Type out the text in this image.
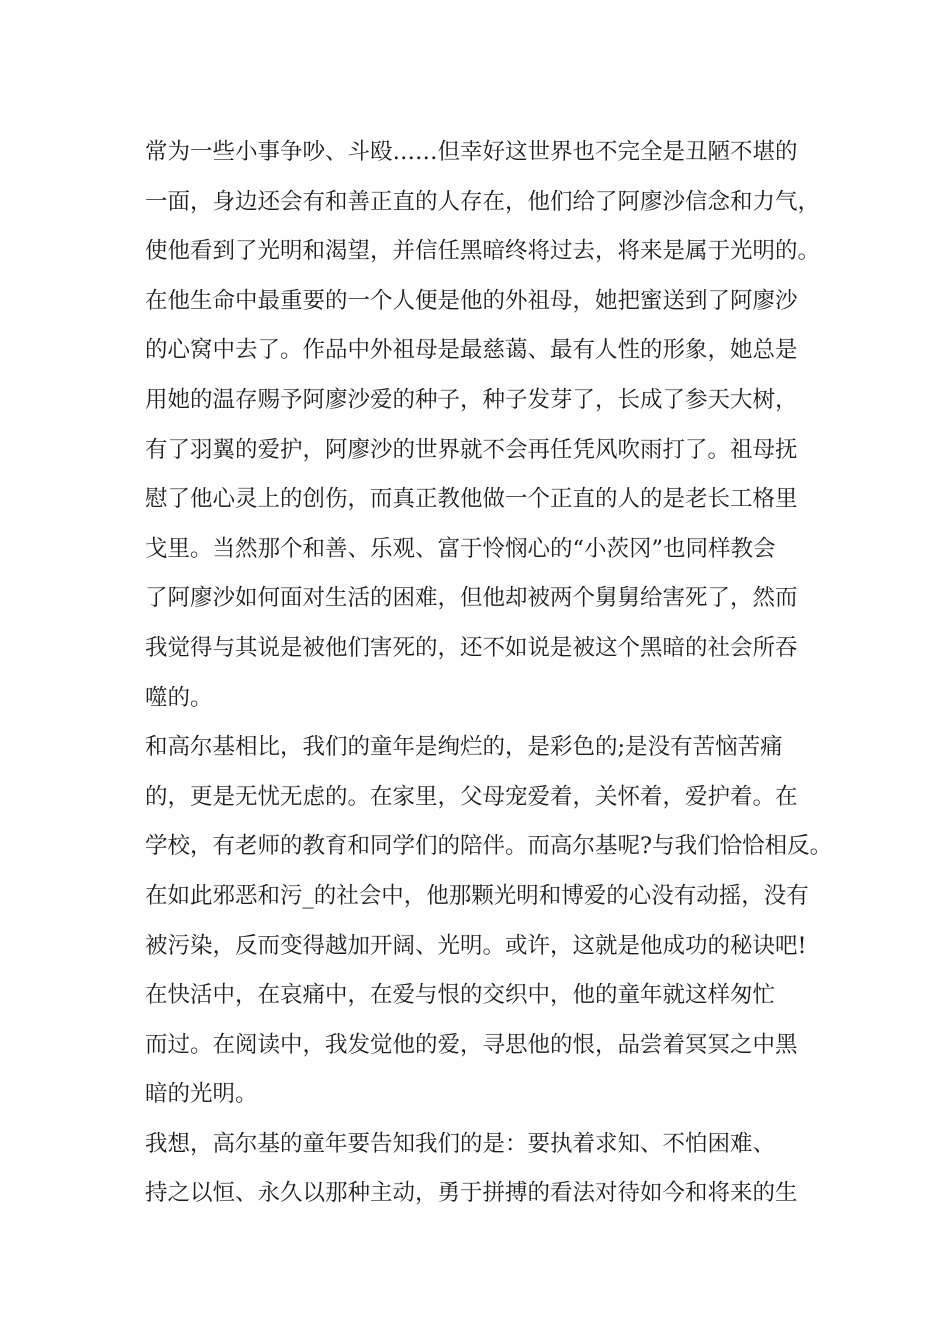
常为一些小事争吵、斗殴……但幸好这世界也不完全是丑陋不堪的
一面，身边还会有和善正直的人存在，他们给了阿廖沙信念和力气，
使他看到了光明和渴望，并信任黑暗终将过去，将来是属于光明的。
在他生命中最重要的一个人便是他的外祖母，她把蜜送到了阿廖沙
的心窝中去了。作品中外祖母是最慈蔼、最有人性的形象，她总是
用她的温存赐予阿廖沙爱的种子，种子发芽了，长成了参天大树，
有了羽翼的爱护，阿廖沙的世界就不会再任凭风吹雨打了。祖母抚
慰了他心灵上的创伤，而真正教他做一个正直的人的是老长工格里
戈里。当然那个和善、乐观、富于怜悯心的“小茨冈”也同样教会
了阿廖沙如何面对生活的困难，但他却被两个舅舅给害死了，然而
我觉得与其说是被他们害死的，还不如说是被这个黑暗的社会所吞
噬的。
和高尔基相比，我们的童年是绚烂的，是彩色的;是没有苦恼苦痛
的，更是无忧无虑的。在家里，父母宠爱着，关怀着，爱护着。在
学校，有老师的教育和同学们的陪伴。而高尔基呢?与我们恰恰相反。
在如此邪恶和污_的社会中，他那颗光明和博爱的心没有动摇，没有
被污染，反而变得越加开阔、光明。或许，这就是他成功的秘诀吧!
在快活中，在哀痛中，在爱与恨的交织中，他的童年就这样匆忙
而过。在阅读中，我发觉他的爱，寻思他的恨，品尝着冥冥之中黑
暗的光明。
我想，高尔基的童年要告知我们的是：要执着求知、不怕困难、
持之以恒、永久以那种主动，勇于拼搏的看法对待如今和将来的生
